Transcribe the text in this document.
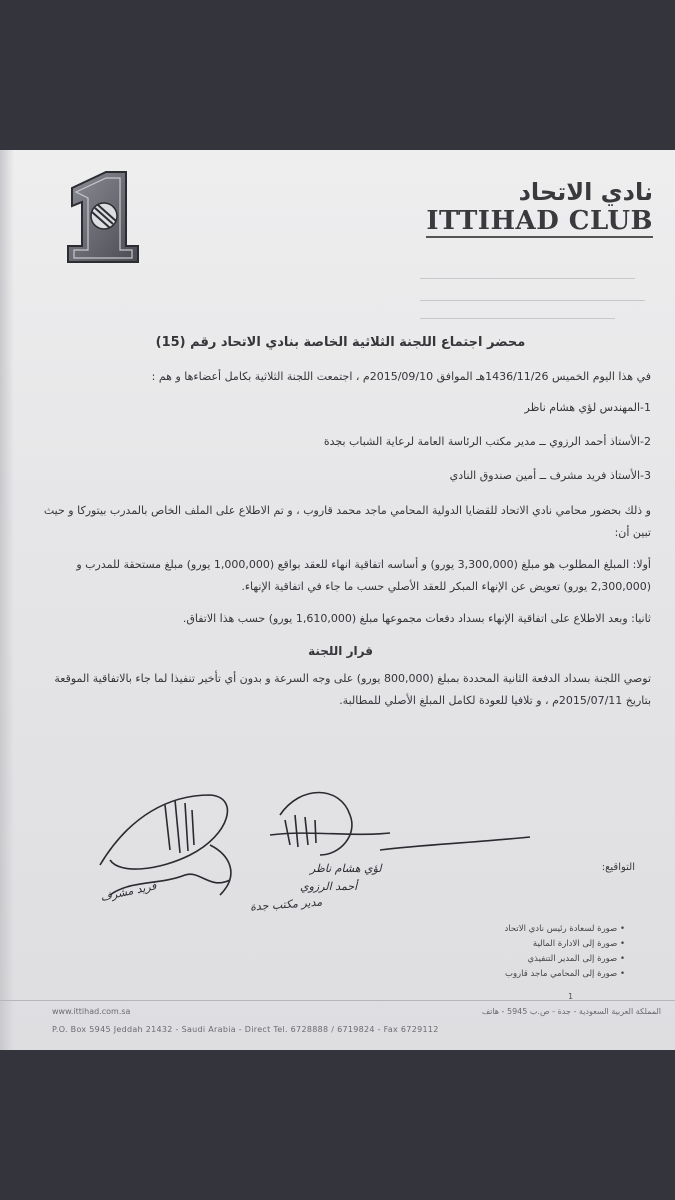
نادي الاتحاد
ITTIHAD CLUB
محضر اجتماع اللجنة الثلاثية الخاصة بنادي الاتحاد رقم (15)

في هذا اليوم الخميس 1436/11/26هـ الموافق 2015/09/10م ، اجتمعت اللجنة الثلاثية بكامل أعضاءها و هم :

1-المهندس لؤي هشام ناظر

2-الأستاذ أحمد الرزوي ــ مدير مكتب الرئاسة العامة لرعاية الشباب بجدة

3-الأستاذ فريد مشرف ــ أمين صندوق النادي

و ذلك بحضور محامي نادي الاتحاد للقضايا الدولية المحامي ماجد محمد قاروب ، و تم الاطلاع على الملف الخاص بالمدرب بيتوركا و حيث تبين أن:

أولا: المبلغ المطلوب هو مبلغ (3,300,000 يورو) و أساسه اتفاقية انهاء للعقد بواقع (1,000,000 يورو) مبلغ مستحقة للمدرب و (2,300,000 يورو) تعويض عن الإنهاء المبكر للعقد الأصلي حسب ما جاء في اتفاقية الإنهاء.

ثانيا: وبعد الاطلاع على اتفاقية الإنهاء بسداد دفعات مجموعها مبلغ (1,610,000 يورو) حسب هذا الاتفاق.

قرار اللجنة

توصي اللجنة بسداد الدفعة الثانية المحددة بمبلغ (800,000 يورو) على وجه السرعة و بدون أي تأخير تنفيذا لما جاء بالاتفاقية الموقعة بتاريخ 2015/07/11م ، و تلافيا للعودة لكامل المبلغ الأصلي للمطالبة.

فريد مشرف
لؤي هشام ناظر
أحمد الرزوي
مدير مكتب جدة
التواقيع:
• صورة لسعادة رئيس نادي الاتحاد
• صورة إلى الادارة المالية
• صورة إلى المدير التنفيذي
• صورة إلى المحامي ماجد قاروب
1
www.ittihad.com.sa	المملكة العربية السعودية - جدة - ص.ب 5945 - هاتف
P.O. Box 5945 Jeddah 21432 - Saudi Arabia - Direct Tel. 6728888 / 6719824 - Fax 6729112
